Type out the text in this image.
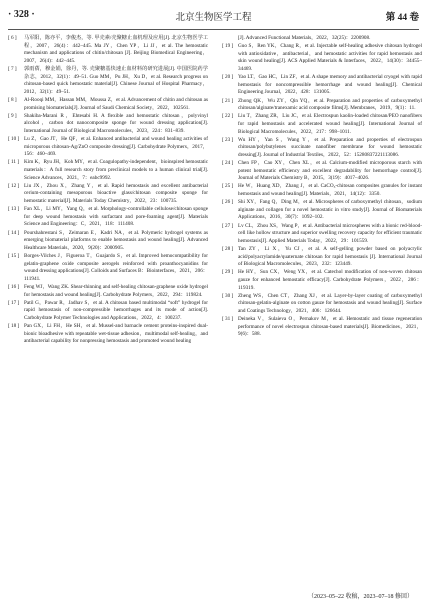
· 328 ·	北京生物医学工程	第 44 卷
[ 6 ]	马军阳，陈亦平，李俊杰，等. 甲壳素/壳聚糖止血机理及应用[J]. 北京生物医学工程，2007，26(4)：442–445. Ma JY，Chen YP，Li JJ，et al. The hemostatic mechanism and applications of chitin/chitosan [J]. Beijing Biomedical Engineering，2007，26(4)：442–445.
[ 7 ]	郭雨蒨，穆金娟，徐丹，等. 壳聚糖基快速止血材料的研究进展[J]. 中国医院药学杂志，2012，32(1)：49–51. Guo MM，Pu JH，Xu D，et al. Research progress on chitosan-based quick hemostatic material[J]. Chinese Journal of Hospital Pharmacy，2012，32(1)：49–51.
[ 8 ]	Al-Rooqi MM，Hassan MM，Moussa Z，et al. Advancement of chitin and chitosan as promising biomaterials[J]. Journal of Saudi Chemical Society，2022，102561.
[ 9 ]	Shakiba-Marani R，Ehtesabi H. A flexible and hemostatic chitosan，polyvinyl alcohol，carbon dot nanocomposite sponge for wound dressing application[J]. International Journal of Biological Macromolecules，2023，224：831–839.
[ 10 ] Lu Z，Gao JT，He QF，et al. Enhanced antibacterial and wound healing activities of microporous chitosan-Ag/ZnO composite dressing[J]. Carbohydrate Polymers，2017，156：460–469.
[ 11 ] Kim K，Ryu JH，Koh MY，et al. Coagulopathy-independent，bioinspired hemostatic materials：A full research story from preclinical models to a human clinical trial[J]. Science Advances，2021，7：eabc9992.
[ 12 ] Liu JX，Zhou X，Zhang Y，et al. Rapid hemostasis and excellent antibacterial cerium-containing mesoporous bioactive glass/chitosan composite sponge for hemostatic material[J]. Materials Today Chemistry，2022，23：100735.
[ 13 ] Fan XL，Li MY，Yang Q，et al. Morphology-controllable cellulose/chitosan sponge for deep wound hemostasis with surfactant and pore-foaming agent[J]. Materials Science and Engineering：C，2021，118：111408.
[ 14 ] Pourshahrestani S，Zeimaran E，Kadri NA，et al. Polymeric hydrogel systems as emerging biomaterial platforms to enable hemostasis and wound healing[J]. Advanced Healthcare Materials，2020，9(20)：2000905.
[ 15 ] Borges-Vilches J，Figueroa T，Guajardo S，et al. Improved hemocompatibility for gelatin-graphene oxide composite aerogels reinforced with proanthocyanidins for wound dressing applications[J]. Colloids and Surfaces B：Biointerfaces，2021，206：111941.
[ 16 ] Feng WJ，Wang ZK. Shear-thinning and self-healing chitosan-graphene oxide hydrogel for hemostasis and wound healing[J]. Carbohydrate Polymers，2022，294：119824.
[ 17 ] Patil G，Pawar R，Jadhav S，et al. A chitosan based multimodal “soft” hydrogel for rapid hemostasis of non-compressible hemorrhages and its mode of action[J]. Carbohydrate Polymer Technologies and Applications，2022，4：100237.
[ 18 ] Pan GX，Li FH，He SH，et al. Mussel-and barnacle cement proteins-inspired dual-bionic bioadhesive with repeatable wet-tissue adhesion，multimodal self-healing，and antibacterial capability for nonpressing hemostasis and promoted wound healing
[J]. Advanced Functional Materials，2022，32(25)：2200908.
[ 19 ] Guo S，Ren YK，Chang R，et al. Injectable self-healing adhesive chitosan hydrogel with antioxidative，antibacterial，and hemostatic activities for rapid hemostasis and skin wound healing[J]. ACS Applied Materials & Interfaces，2022，14(30)：34455–34469.
[ 20 ] Yao LT，Gao HC，Lin ZF，et al. A shape memory and antibacterial cryogel with rapid hemostasis for noncompressible hemorrhage and wound healing[J]. Chemical Engineering Journal，2022，428：131005.
[ 21 ] Zhong QK，Wu ZY，Qin YQ，et al. Preparation and properties of carboxymethyl chitosan/alginate/tranexamic acid composite films[J]. Membranes，2019，9(1)：11.
[ 22 ] Liu T，Zhang ZR，Liu JC，et al. Electrospun kaolin-loaded chitosan/PEO nanofibers for rapid hemostasis and accelerated wound healing[J]. International Journal of Biological Macromolecules，2022，217：998–1011.
[ 23 ] Wu HY，Yan S，Wang Y，et al. Preparation and properties of electrospun chitosan/polybutylenes succinate nanofiber membrane for wound hemostatic dressing[J]. Journal of Industrial Textiles，2022，52：15280837221113086.
[ 24 ] Chen FP，Cao XY，Chen XL，et al. Calcium-modified microporous starch with potent hemostatic efficiency and excellent degradability for hemorrhage control[J]. Journal of Materials Chemistry B，2015，3(19)：4017–4026.
[ 25 ] He W，Huang XD，Zhang J，et al. CaCO₃-chitosan composites granules for instant hemostasis and wound healing[J]. Materials，2021，14(12)：3350.
[ 26 ] Shi XY，Fang Q，Ding M，et al. Microspheres of carboxymethyl chitosan，sodium alginate and collagen for a novel hemostatic in vitro study[J]. Journal of Biomaterials Applications，2016，30(7)：1092–102.
[ 27 ] Lv CL，Zhou XS，Wang P，et al. Antibacterial microspheres with a bionic red-blood-cell like hollow structure and superior swelling recovery capacity for efficient traumatic hemostasis[J]. Applied Materials Today，2022，29：101559.
[ 28 ] Tan ZY，Li X，Yu CJ，et al. A self-gelling powder based on polyacrylic acid/polyacrylamide/quaternate chitosan for rapid hemostasis [J]. International Journal of Biological Macromolecules，2023，232：123449.
[ 29 ] He HY，Sun CX，Weng YX，et al. Catechol modification of non-woven chitosan gauze for enhanced hemostatic efficacy[J]. Carbohydrate Polymers，2022，286：119319.
[ 30 ] Zheng WS，Chen CT，Zhang XJ，et al. Layer-by-layer coating of carboxymethyl chitosan-gelatin-alginate on cotton gauze for hemostasis and wound healing[J]. Surface and Coatings Technology，2021，406：126644.
[ 31 ] Deineka V，Sulaieva O，Pernakov M，et al. Hemostatic and tissue regeneration performance of novel electrospun chitosan-based materials[J]. Biomedicines，2021，9(6)：588.
（2023–05–22 收稿，2023–07–18 修回）
